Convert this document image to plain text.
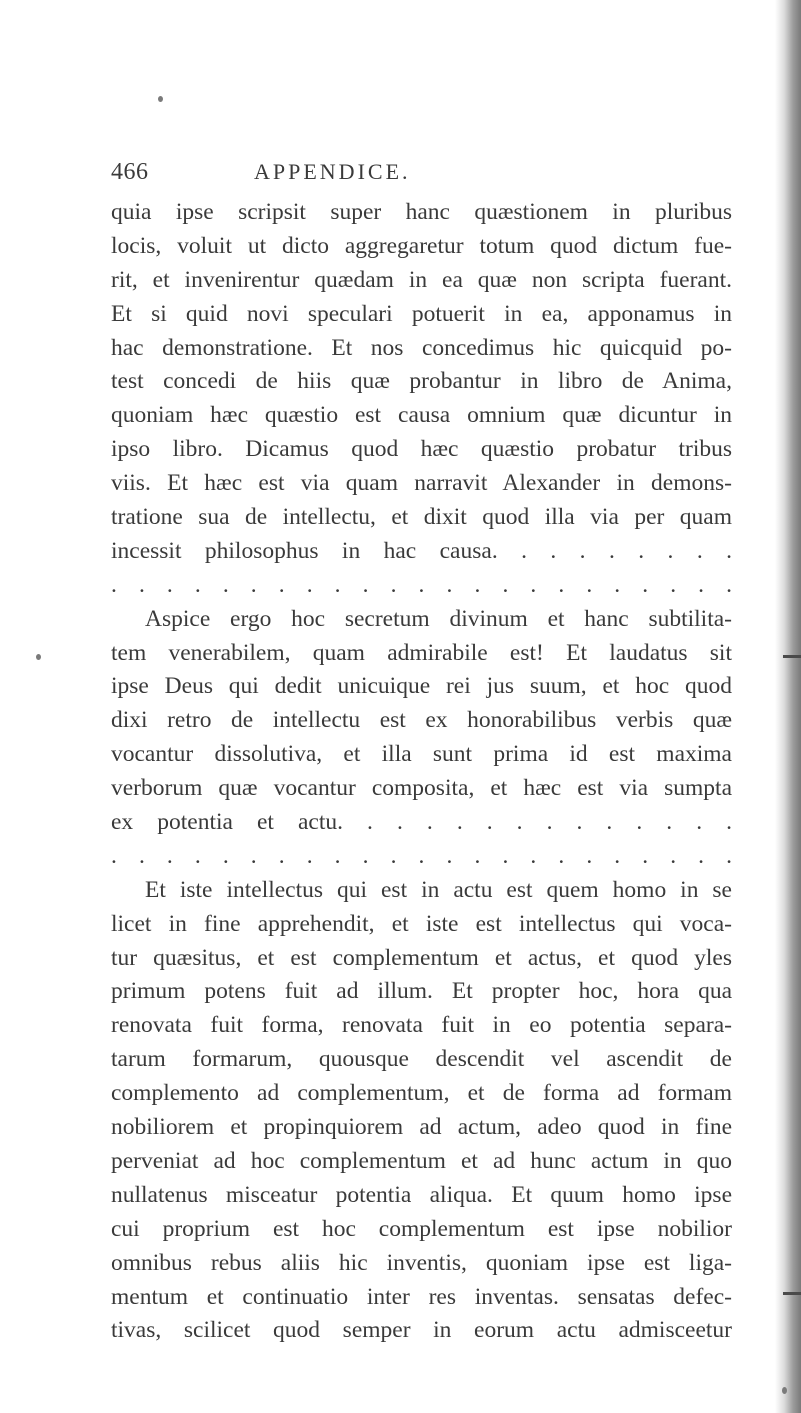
466	APPENDICE.
quia ipse scripsit super hanc quæstionem in pluribus
locis, voluit ut dicto aggregaretur totum quod dictum fue-
rit, et invenirentur quædam in ea quæ non scripta fuerant.
Et si quid novi speculari potuerit in ea, apponamus in
hac demonstratione. Et nos concedimus hic quicquid po-
test concedi de hiis quæ probantur in libro de Anima,
quoniam hæc quæstio est causa omnium quæ dicuntur in
ipso libro. Dicamus quod hæc quæstio probatur tribus
viis. Et hæc est via quam narravit Alexander in demons-
tratione sua de intellectu, et dixit quod illa via per quam
incessit philosophus in hac causa. . . . . . . . .
. . . . . . . . . . . . . . . . . . . . . . .
Aspice ergo hoc secretum divinum et hanc subtilita-
tem venerabilem, quam admirabile est! Et laudatus sit
ipse Deus qui dedit unicuique rei jus suum, et hoc quod
dixi retro de intellectu est ex honorabilibus verbis quæ
vocantur dissolutiva, et illa sunt prima id est maxima
verborum quæ vocantur composita, et hæc est via sumpta
ex potentia et actu. . . . . . . . . . . . . .
. . . . . . . . . . . . . . . . . . . . . . .
Et iste intellectus qui est in actu est quem homo in se
licet in fine apprehendit, et iste est intellectus qui voca-
tur quæsitus, et est complementum et actus, et quod yles
primum potens fuit ad illum. Et propter hoc, hora qua
renovata fuit forma, renovata fuit in eo potentia separa-
tarum formarum, quousque descendit vel ascendit de
complemento ad complementum, et de forma ad formam
nobiliorem et propinquiorem ad actum, adeo quod in fine
perveniat ad hoc complementum et ad hunc actum in quo
nullatenus misceatur potentia aliqua. Et quum homo ipse
cui proprium est hoc complementum est ipse nobilior
omnibus rebus aliis hic inventis, quoniam ipse est liga-
mentum et continuatio inter res inventas. sensatas defec-
tivas, scilicet quod semper in eorum actu admisceetur
